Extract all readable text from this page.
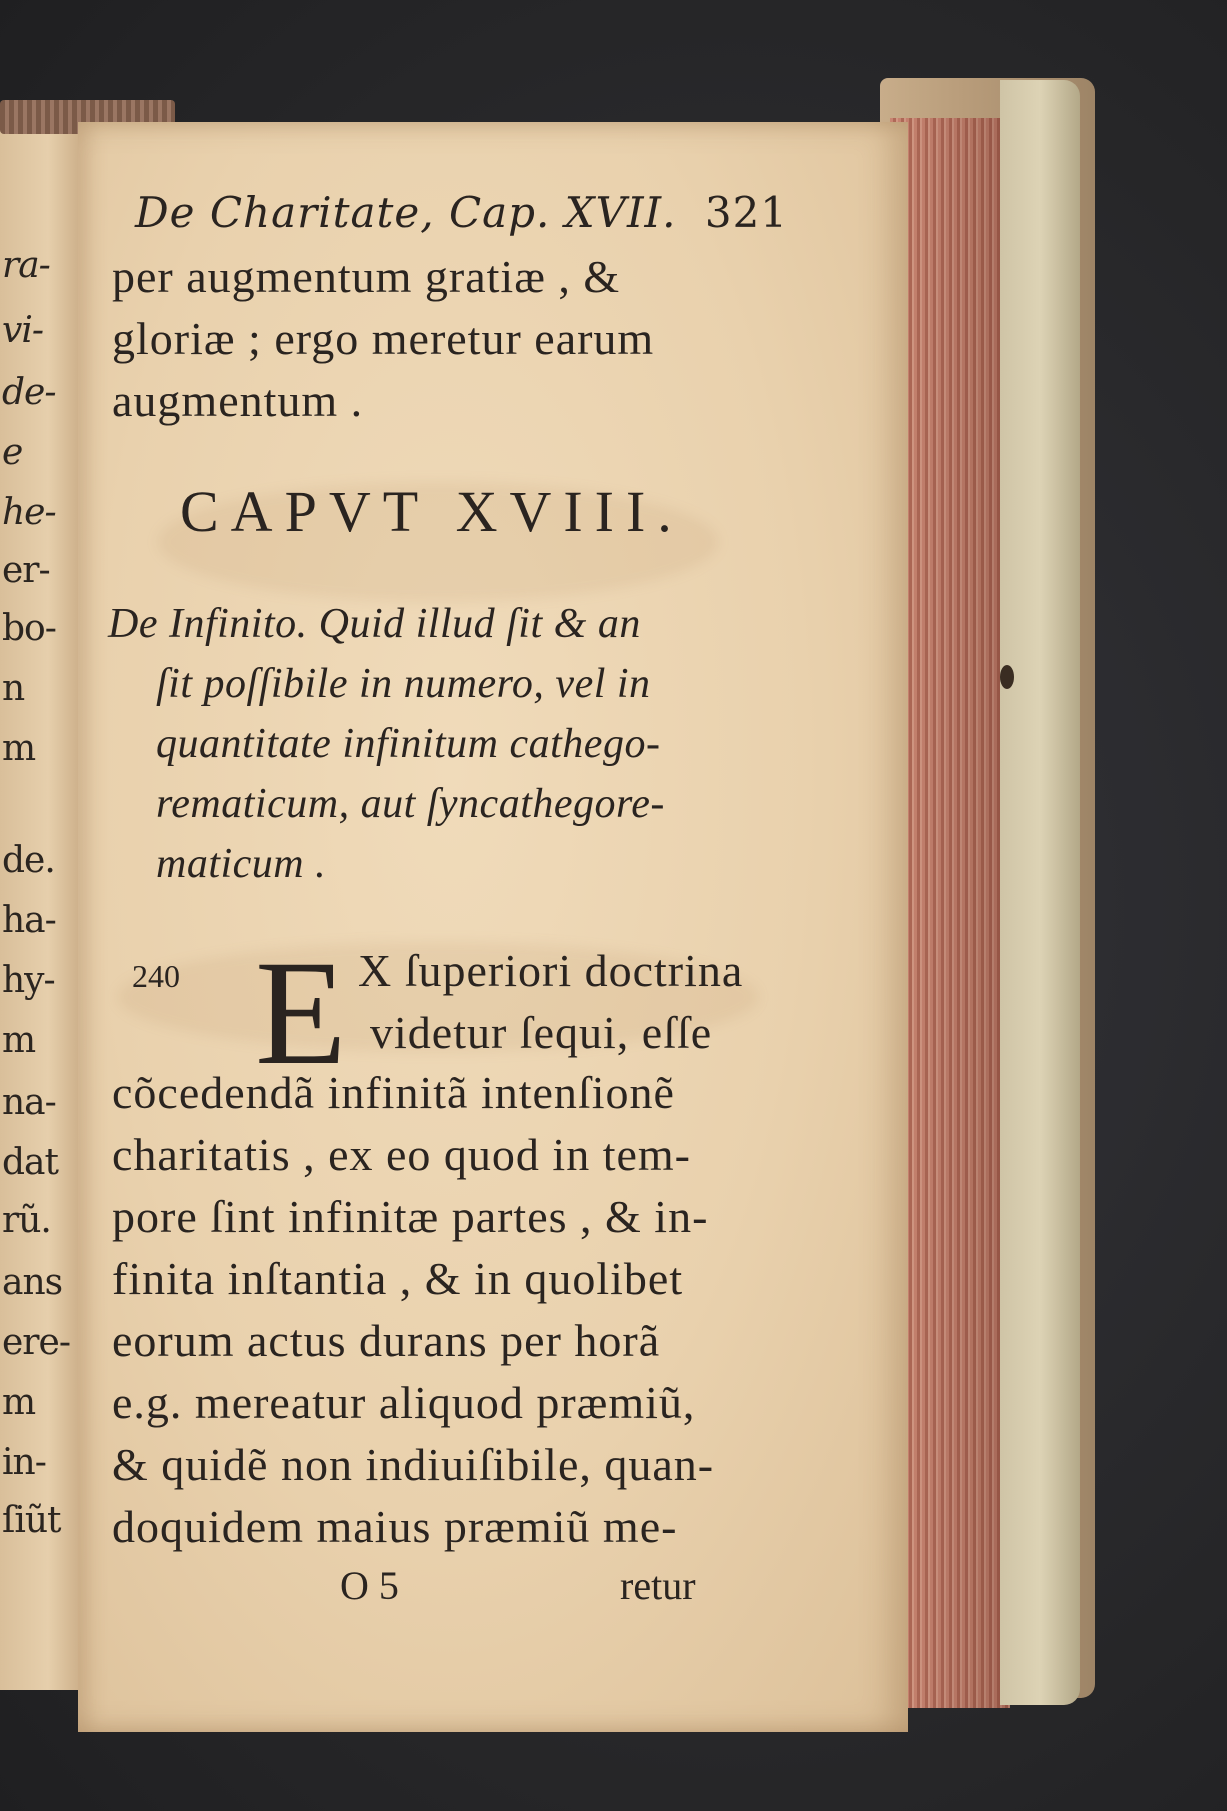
ra-
vi-
de-
e
he-
er-
bo-
n
m
de.
ha-
hy-
m
na-
dat
rũ.
ans
ere-
m
in-
ſiũt
De Charitate, Cap. XVII. 321
per augmentum gratiæ , &
gloriæ ; ergo meretur earum
augmentum .
CAPVT XVIII.
De Infinito. Quid illud ſit & an
ſit poſſibile in numero, vel in
quantitate infinitum cathego-
rematicum, aut ſyncathegore-
maticum .
240 E X ſuperiori doctrina
videtur ſequi, eſſe
cõcedendã infinitã intenſionẽ
charitatis , ex eo quod in tem-
pore ſint infinitæ partes , & in-
finita inſtantia , & in quolibet
eorum actus durans per horã
e.g. mereatur aliquod præmiũ,
& quidẽ non indiuiſibile, quan-
doquidem maius præmiũ me-
O 5	retur
